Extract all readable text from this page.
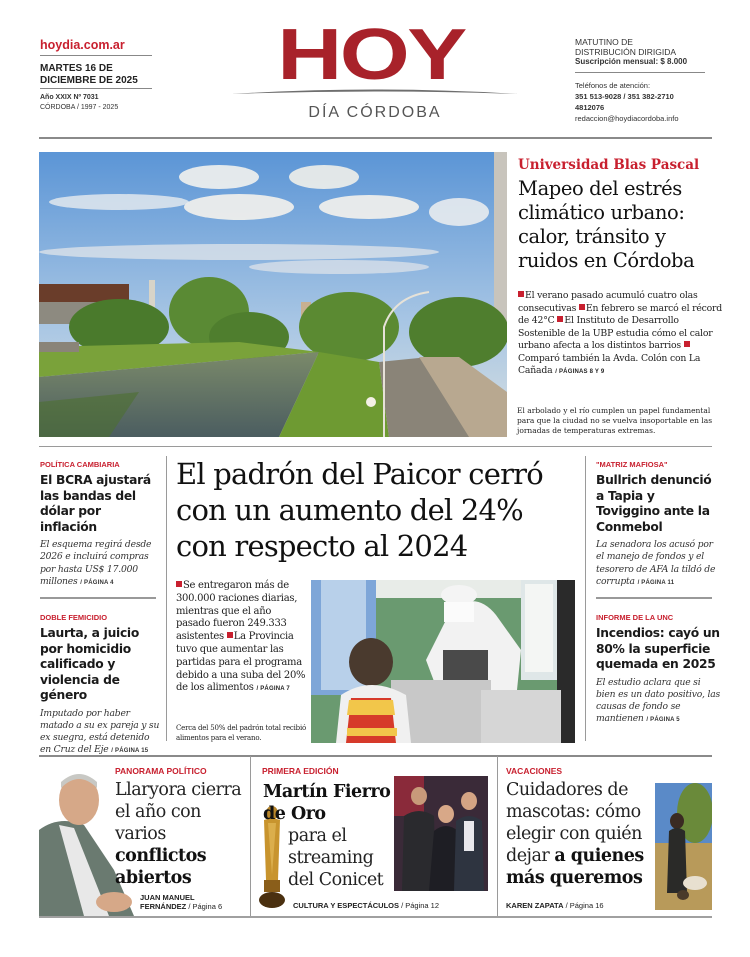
hoydia.com.ar
MARTES 16 DE
DICIEMBRE DE 2025
Año XXIX Nº 7031
CÓRDOBA / 1997 - 2025
HOY
DÍA CÓRDOBA
MATUTINO DE
DISTRIBUCIÓN DIRIGIDA
Suscripción mensual: $ 8.000
Teléfonos de atención:
351 513-9028 / 351 382-2710
4812076
redaccion@hoydiacordoba.info
Universidad Blas Pascal
Mapeo del estrés climático urbano: calor, tránsito y ruidos en Córdoba
El verano pasado acumuló cuatro olas consecutivas En febrero se marcó el récord de 42°C El Instituto de Desarrollo Sostenible de la UBP estudia cómo el calor urbano afecta a los distintos barrios Comparó también la Avda. Colón con La Cañada / PÁGINAS 8 Y 9
El arbolado y el río cumplen un papel fundamental para que la ciudad no se vuelva insoportable en las jornadas de temperaturas extremas.
POLÍTICA CAMBIARIA
El BCRA ajustará las bandas del dólar por inflación
El esquema regirá desde 2026 e incluirá compras por hasta US$ 17.000 millones / PÁGINA 4
DOBLE FEMICIDIO
Laurta, a juicio por homicidio calificado y violencia de género
Imputado por haber matado a su ex pareja y su ex suegra, está detenido en Cruz del Eje / PÁGINA 15
El padrón del Paicor cerró con un aumento del 24% con respecto al 2024
Se entregaron más de 300.000 raciones diarias, mientras que el año pasado fueron 249.333 asistentes La Provincia tuvo que aumentar las partidas para el programa debido a una suba del 20% de los alimentos / PÁGINA 7
Cerca del 50% del padrón total recibió alimentos para el verano.
"MATRIZ MAFIOSA"
Bullrich denunció a Tapia y Toviggino ante la Conmebol
La senadora los acusó por el manejo de fondos y el tesorero de AFA la tildó de corrupta / PÁGINA 11
INFORME DE LA UNC
Incendios: cayó un 80% la superficie quemada en 2025
El estudio aclara que si bien es un dato positivo, las causas de fondo se mantienen / PÁGINA 5
PANORAMA POLÍTICO
Llaryora cierra el año con varios conflictos abiertos
JUAN MANUEL
FERNÁNDEZ / Página 6
PRIMERA EDICIÓN
Martín Fierro de Oro
para el streaming del Conicet
CULTURA Y ESPECTÁCULOS / Página 12
VACACIONES
Cuidadores de mascotas: cómo elegir con quién dejar a quienes más queremos
KAREN ZAPATA / Página 16
